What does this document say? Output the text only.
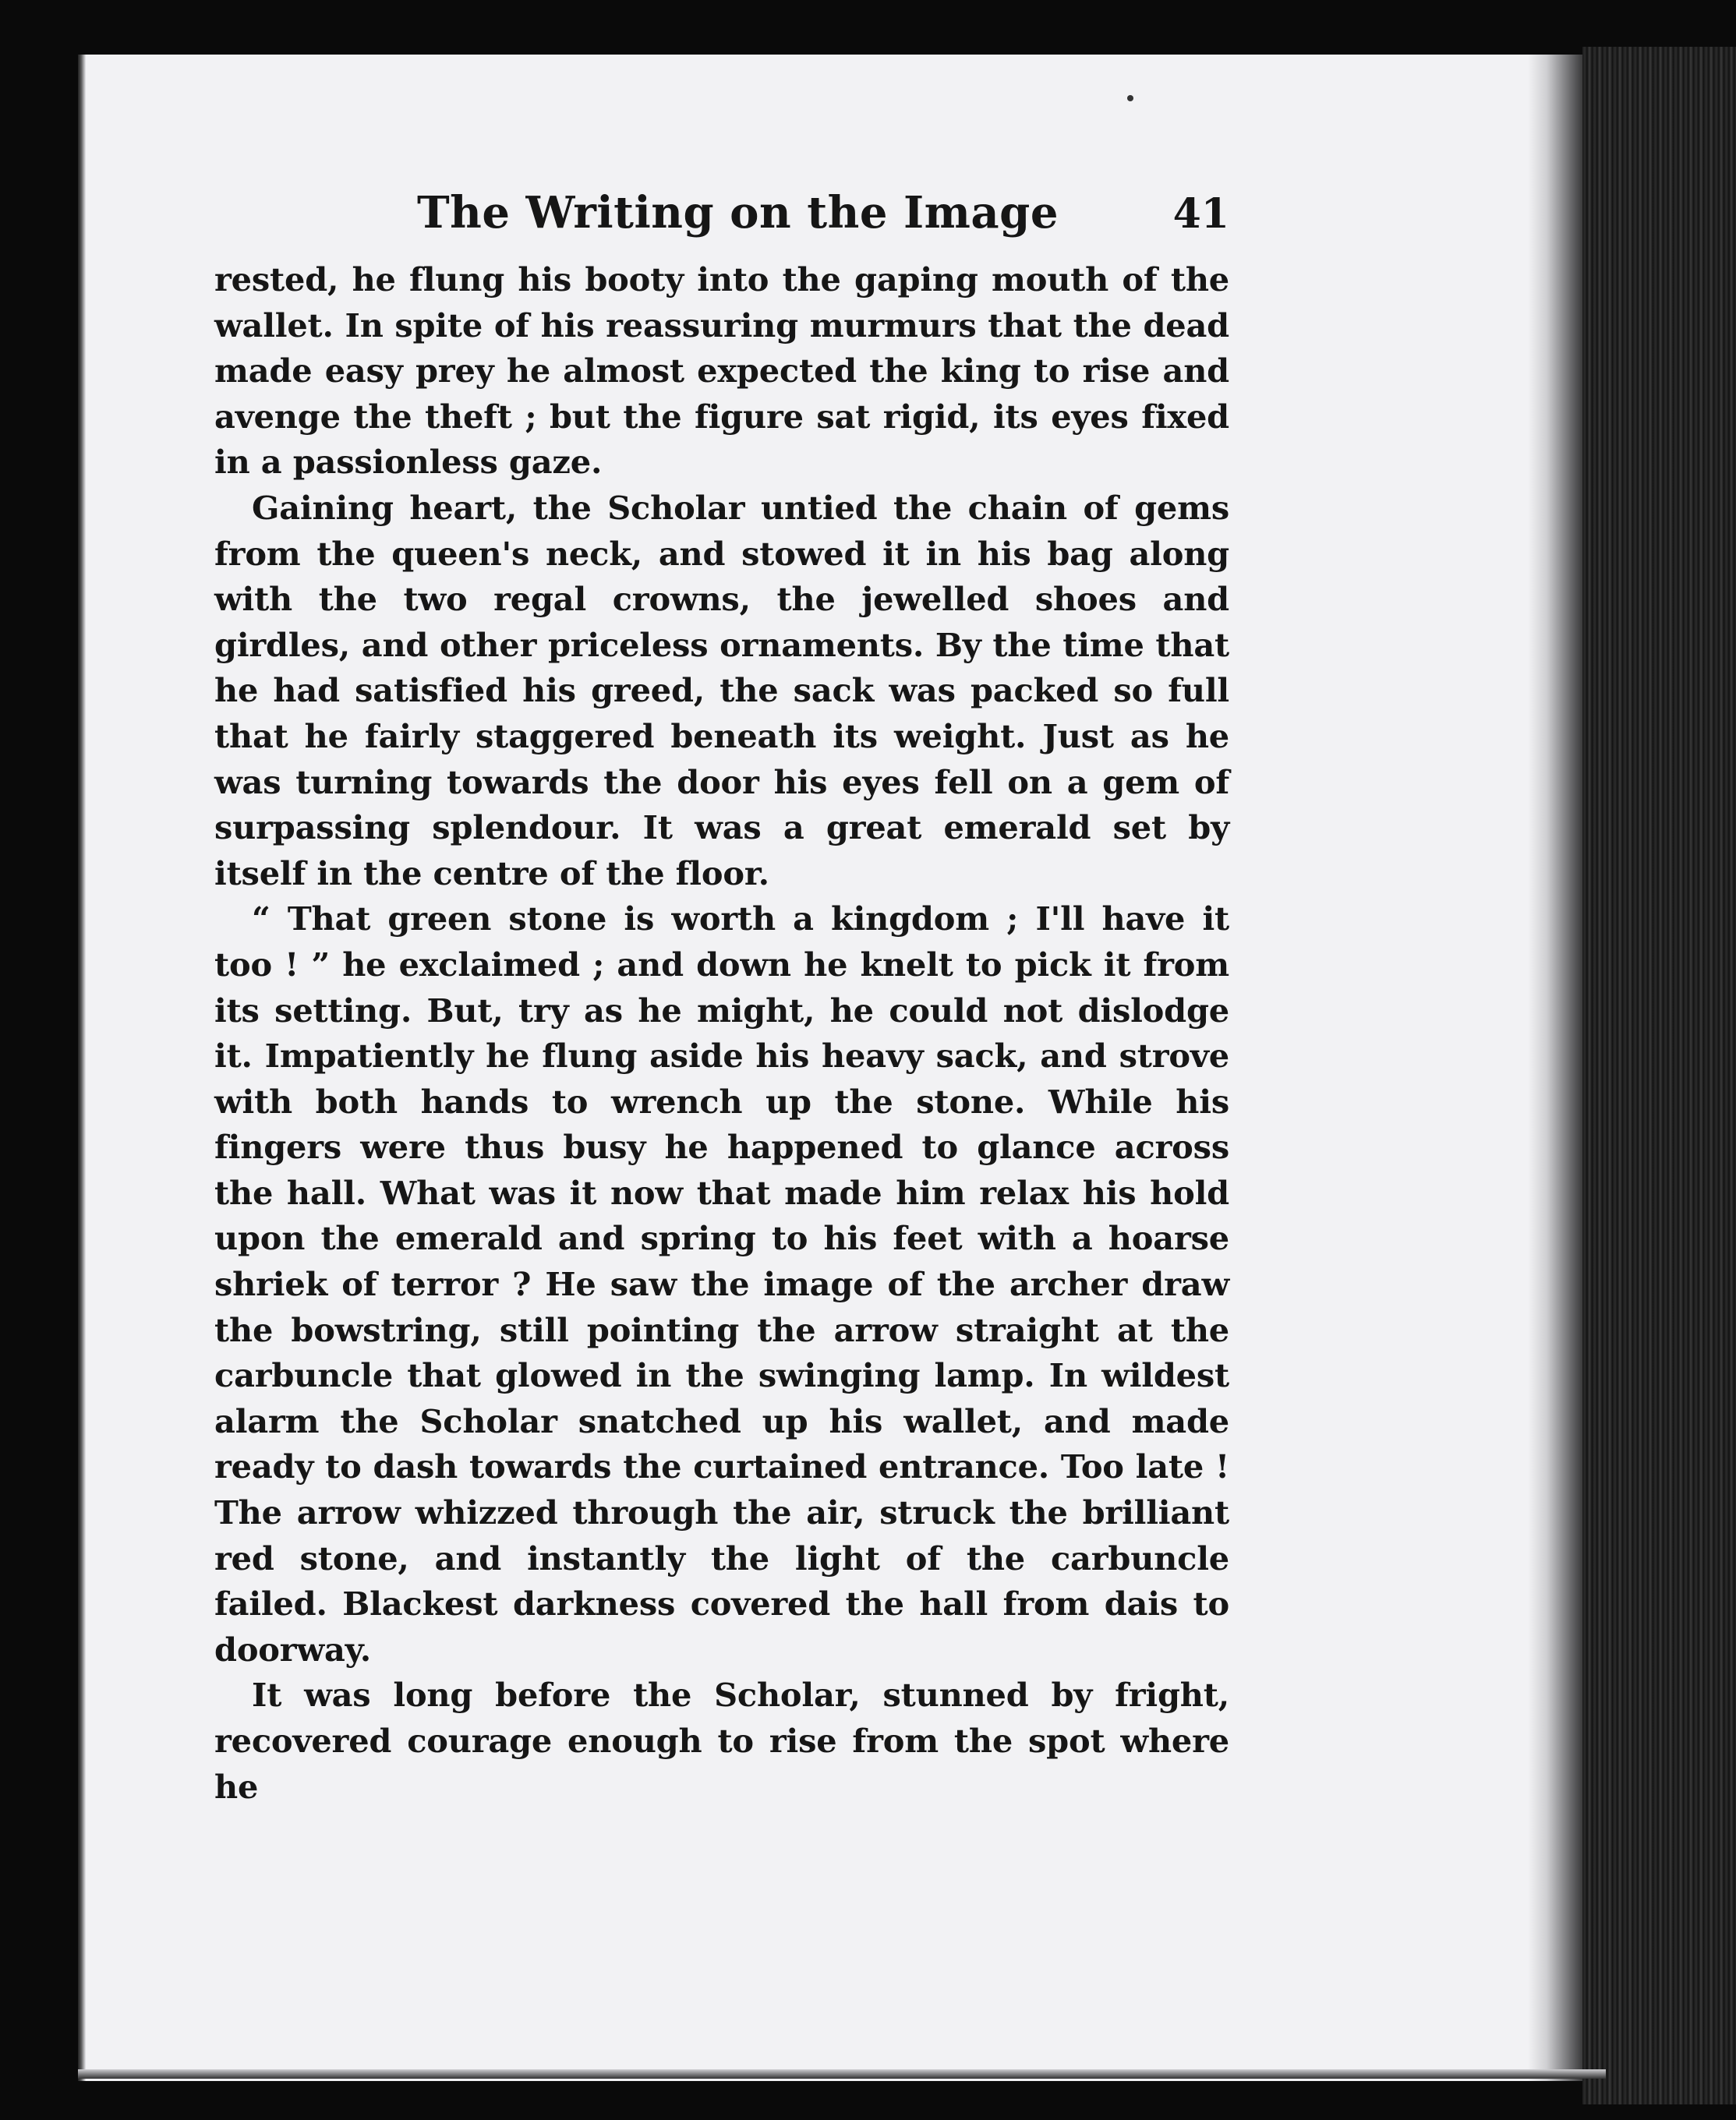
The Writing on the Image	41

rested, he flung his booty into the gaping mouth of the wallet. In spite of his reassuring murmurs that the dead made easy prey he almost expected the king to rise and avenge the theft ; but the figure sat rigid, its eyes fixed in a passionless gaze.

Gaining heart, the Scholar untied the chain of gems from the queen's neck, and stowed it in his bag along with the two regal crowns, the jewelled shoes and girdles, and other priceless ornaments. By the time that he had satisfied his greed, the sack was packed so full that he fairly staggered beneath its weight. Just as he was turning towards the door his eyes fell on a gem of surpassing splendour. It was a great emerald set by itself in the centre of the floor.

“ That green stone is worth a kingdom ; I'll have it too ! ” he exclaimed ; and down he knelt to pick it from its setting. But, try as he might, he could not dislodge it. Impatiently he flung aside his heavy sack, and strove with both hands to wrench up the stone. While his fingers were thus busy he happened to glance across the hall. What was it now that made him relax his hold upon the emerald and spring to his feet with a hoarse shriek of terror ? He saw the image of the archer draw the bowstring, still pointing the arrow straight at the carbuncle that glowed in the swinging lamp. In wildest alarm the Scholar snatched up his wallet, and made ready to dash towards the curtained entrance. Too late ! The arrow whizzed through the air, struck the brilliant red stone, and instantly the light of the carbuncle failed. Blackest darkness covered the hall from dais to doorway.

It was long before the Scholar, stunned by fright, recovered courage enough to rise from the spot where he
